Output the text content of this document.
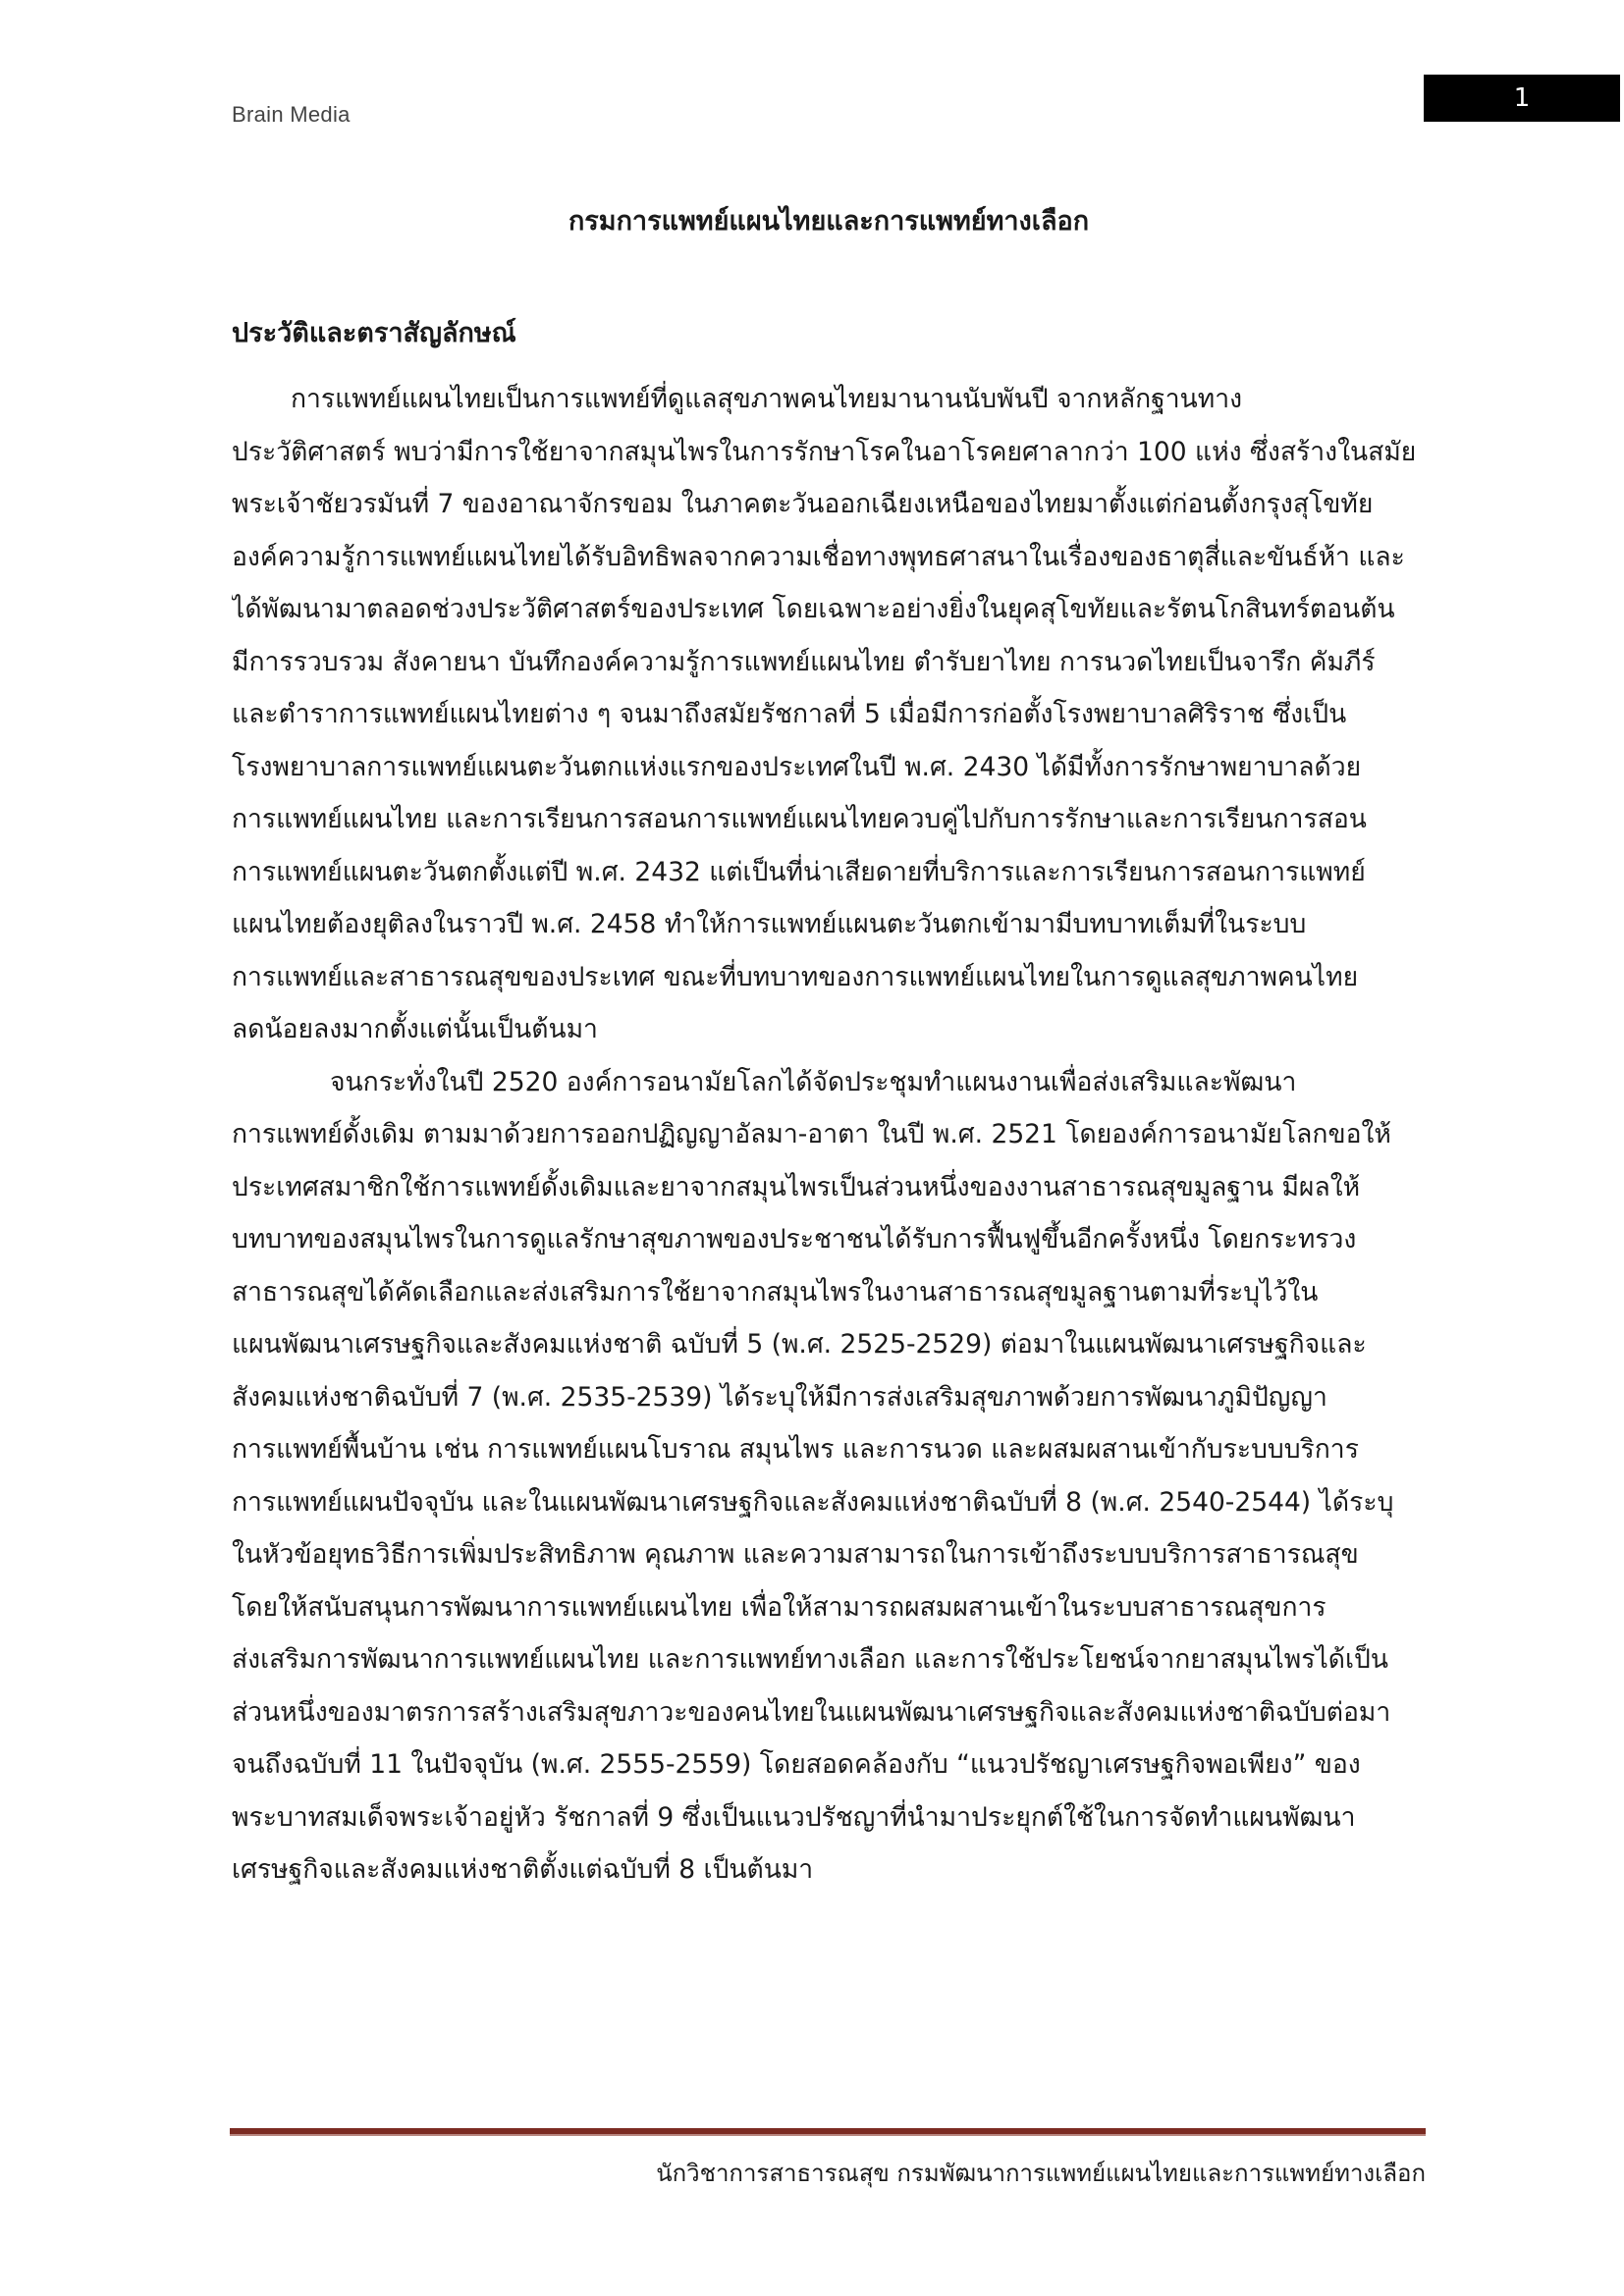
Brain Media
1
กรมการแพทย์แผนไทยและการแพทย์ทางเลือก
ประวัติและตราสัญลักษณ์
การแพทย์แผนไทยเป็นการแพทย์ที่ดูแลสุขภาพคนไทยมานานนับพันปี จากหลักฐานทาง
ประวัติศาสตร์ พบว่ามีการใช้ยาจากสมุนไพรในการรักษาโรคในอาโรคยศาลากว่า 100 แห่ง ซึ่งสร้างในสมัย
พระเจ้าชัยวรมันที่ 7 ของอาณาจักรขอม ในภาคตะวันออกเฉียงเหนือของไทยมาตั้งแต่ก่อนตั้งกรุงสุโขทัย
องค์ความรู้การแพทย์แผนไทยได้รับอิทธิพลจากความเชื่อทางพุทธศาสนาในเรื่องของธาตุสี่และขันธ์ห้า และ
ได้พัฒนามาตลอดช่วงประวัติศาสตร์ของประเทศ โดยเฉพาะอย่างยิ่งในยุคสุโขทัยและรัตนโกสินทร์ตอนต้น
มีการรวบรวม สังคายนา บันทึกองค์ความรู้การแพทย์แผนไทย ตำรับยาไทย การนวดไทยเป็นจารึก คัมภีร์
และตำราการแพทย์แผนไทยต่าง ๆ จนมาถึงสมัยรัชกาลที่ 5 เมื่อมีการก่อตั้งโรงพยาบาลศิริราช ซึ่งเป็น
โรงพยาบาลการแพทย์แผนตะวันตกแห่งแรกของประเทศในปี พ.ศ. 2430 ได้มีทั้งการรักษาพยาบาลด้วย
การแพทย์แผนไทย และการเรียนการสอนการแพทย์แผนไทยควบคู่ไปกับการรักษาและการเรียนการสอน
การแพทย์แผนตะวันตกตั้งแต่ปี พ.ศ. 2432 แต่เป็นที่น่าเสียดายที่บริการและการเรียนการสอนการแพทย์
แผนไทยต้องยุติลงในราวปี พ.ศ. 2458 ทำให้การแพทย์แผนตะวันตกเข้ามามีบทบาทเต็มที่ในระบบ
การแพทย์และสาธารณสุขของประเทศ ขณะที่บทบาทของการแพทย์แผนไทยในการดูแลสุขภาพคนไทย
ลดน้อยลงมากตั้งแต่นั้นเป็นต้นมา
จนกระทั่งในปี 2520 องค์การอนามัยโลกได้จัดประชุมทำแผนงานเพื่อส่งเสริมและพัฒนา
การแพทย์ดั้งเดิม ตามมาด้วยการออกปฏิญญาอัลมา-อาตา ในปี พ.ศ. 2521 โดยองค์การอนามัยโลกขอให้
ประเทศสมาชิกใช้การแพทย์ดั้งเดิมและยาจากสมุนไพรเป็นส่วนหนึ่งของงานสาธารณสุขมูลฐาน มีผลให้
บทบาทของสมุนไพรในการดูแลรักษาสุขภาพของประชาชนได้รับการฟื้นฟูขึ้นอีกครั้งหนึ่ง โดยกระทรวง
สาธารณสุขได้คัดเลือกและส่งเสริมการใช้ยาจากสมุนไพรในงานสาธารณสุขมูลฐานตามที่ระบุไว้ใน
แผนพัฒนาเศรษฐกิจและสังคมแห่งชาติ ฉบับที่ 5 (พ.ศ. 2525-2529) ต่อมาในแผนพัฒนาเศรษฐกิจและ
สังคมแห่งชาติฉบับที่ 7 (พ.ศ. 2535-2539) ได้ระบุให้มีการส่งเสริมสุขภาพด้วยการพัฒนาภูมิปัญญา
การแพทย์พื้นบ้าน เช่น การแพทย์แผนโบราณ สมุนไพร และการนวด และผสมผสานเข้ากับระบบบริการ
การแพทย์แผนปัจจุบัน และในแผนพัฒนาเศรษฐกิจและสังคมแห่งชาติฉบับที่ 8 (พ.ศ. 2540-2544) ได้ระบุ
ในหัวข้อยุทธวิธีการเพิ่มประสิทธิภาพ คุณภาพ และความสามารถในการเข้าถึงระบบบริการสาธารณสุข
โดยให้สนับสนุนการพัฒนาการแพทย์แผนไทย เพื่อให้สามารถผสมผสานเข้าในระบบสาธารณสุขการ
ส่งเสริมการพัฒนาการแพทย์แผนไทย และการแพทย์ทางเลือก และการใช้ประโยชน์จากยาสมุนไพรได้เป็น
ส่วนหนึ่งของมาตรการสร้างเสริมสุขภาวะของคนไทยในแผนพัฒนาเศรษฐกิจและสังคมแห่งชาติฉบับต่อมา
จนถึงฉบับที่ 11 ในปัจจุบัน (พ.ศ. 2555-2559) โดยสอดคล้องกับ “แนวปรัชญาเศรษฐกิจพอเพียง” ของ
พระบาทสมเด็จพระเจ้าอยู่หัว รัชกาลที่ 9 ซึ่งเป็นแนวปรัชญาที่นำมาประยุกต์ใช้ในการจัดทำแผนพัฒนา
เศรษฐกิจและสังคมแห่งชาติตั้งแต่ฉบับที่ 8 เป็นต้นมา
นักวิชาการสาธารณสุข กรมพัฒนาการแพทย์แผนไทยและการแพทย์ทางเลือก
